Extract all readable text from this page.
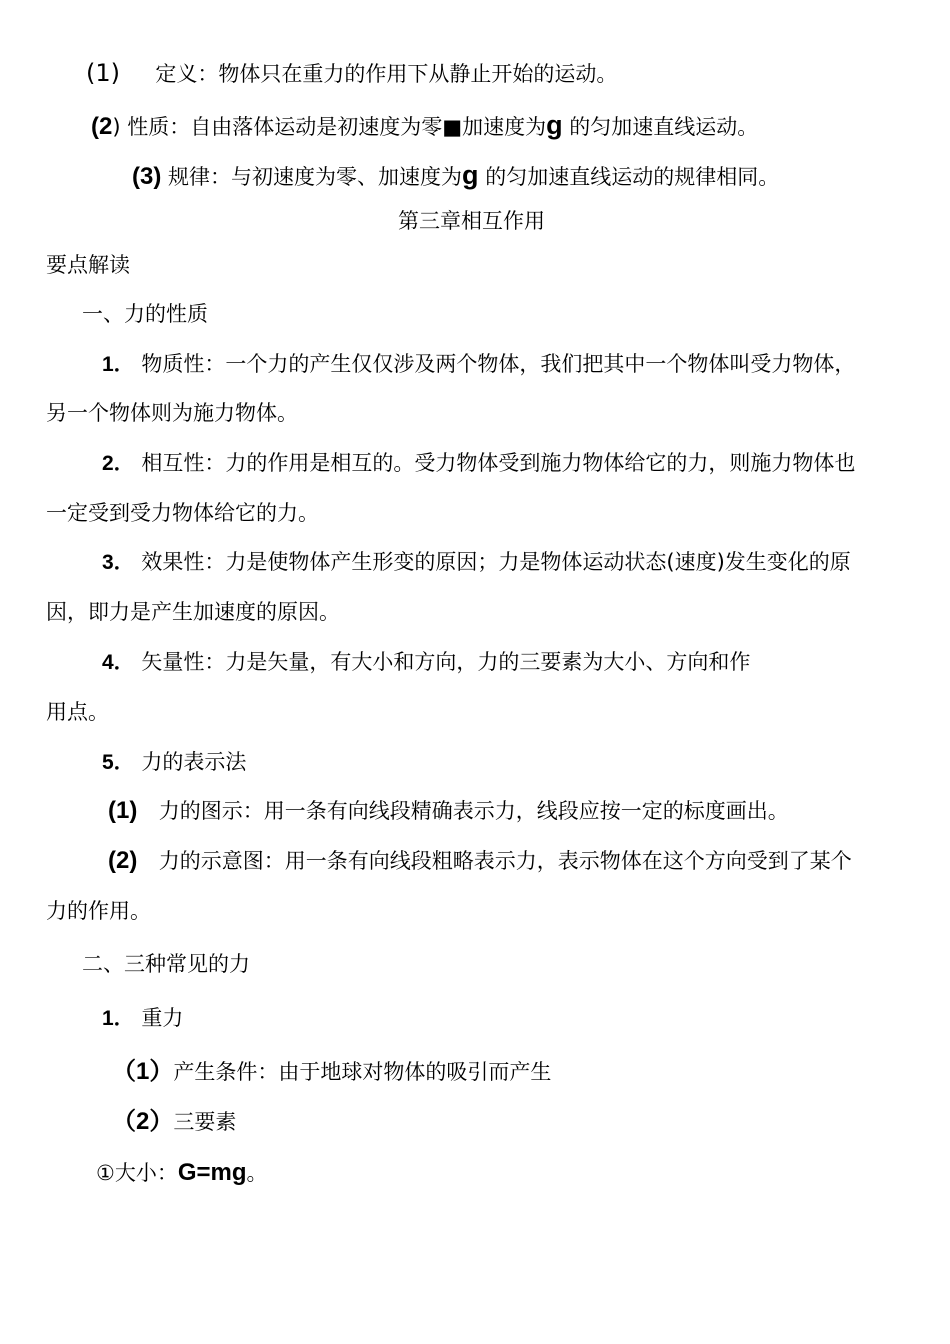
(1) 定义：物体只在重力的作用下从静止开始的运动。
(2) 性质：自由落体运动是初速度为零■加速度为g 的匀加速直线运动。
(3) 规律：与初速度为零、加速度为g 的匀加速直线运动的规律相同。
第三章相互作用
要点解读
一、力的性质
1． 物质性：一个力的产生仅仅涉及两个物体，我们把其中一个物体叫受力物体，
另一个物体则为施力物体。
2． 相互性：力的作用是相互的。受力物体受到施力物体给它的力，则施力物体也
一定受到受力物体给它的力。
3． 效果性：力是使物体产生形变的原因；力是物体运动状态(速度)发生变化的原
因，即力是产生加速度的原因。
4． 矢量性：力是矢量，有大小和方向，力的三要素为大小、方向和作
用点。
5． 力的表示法
(1) 力的图示：用一条有向线段精确表示力，线段应按一定的标度画出。
(2) 力的示意图：用一条有向线段粗略表示力，表示物体在这个方向受到了某个
力的作用。
二、三种常见的力
1． 重力
（1）产生条件：由于地球对物体的吸引而产生
（2）三要素
①大小：G=mg。
